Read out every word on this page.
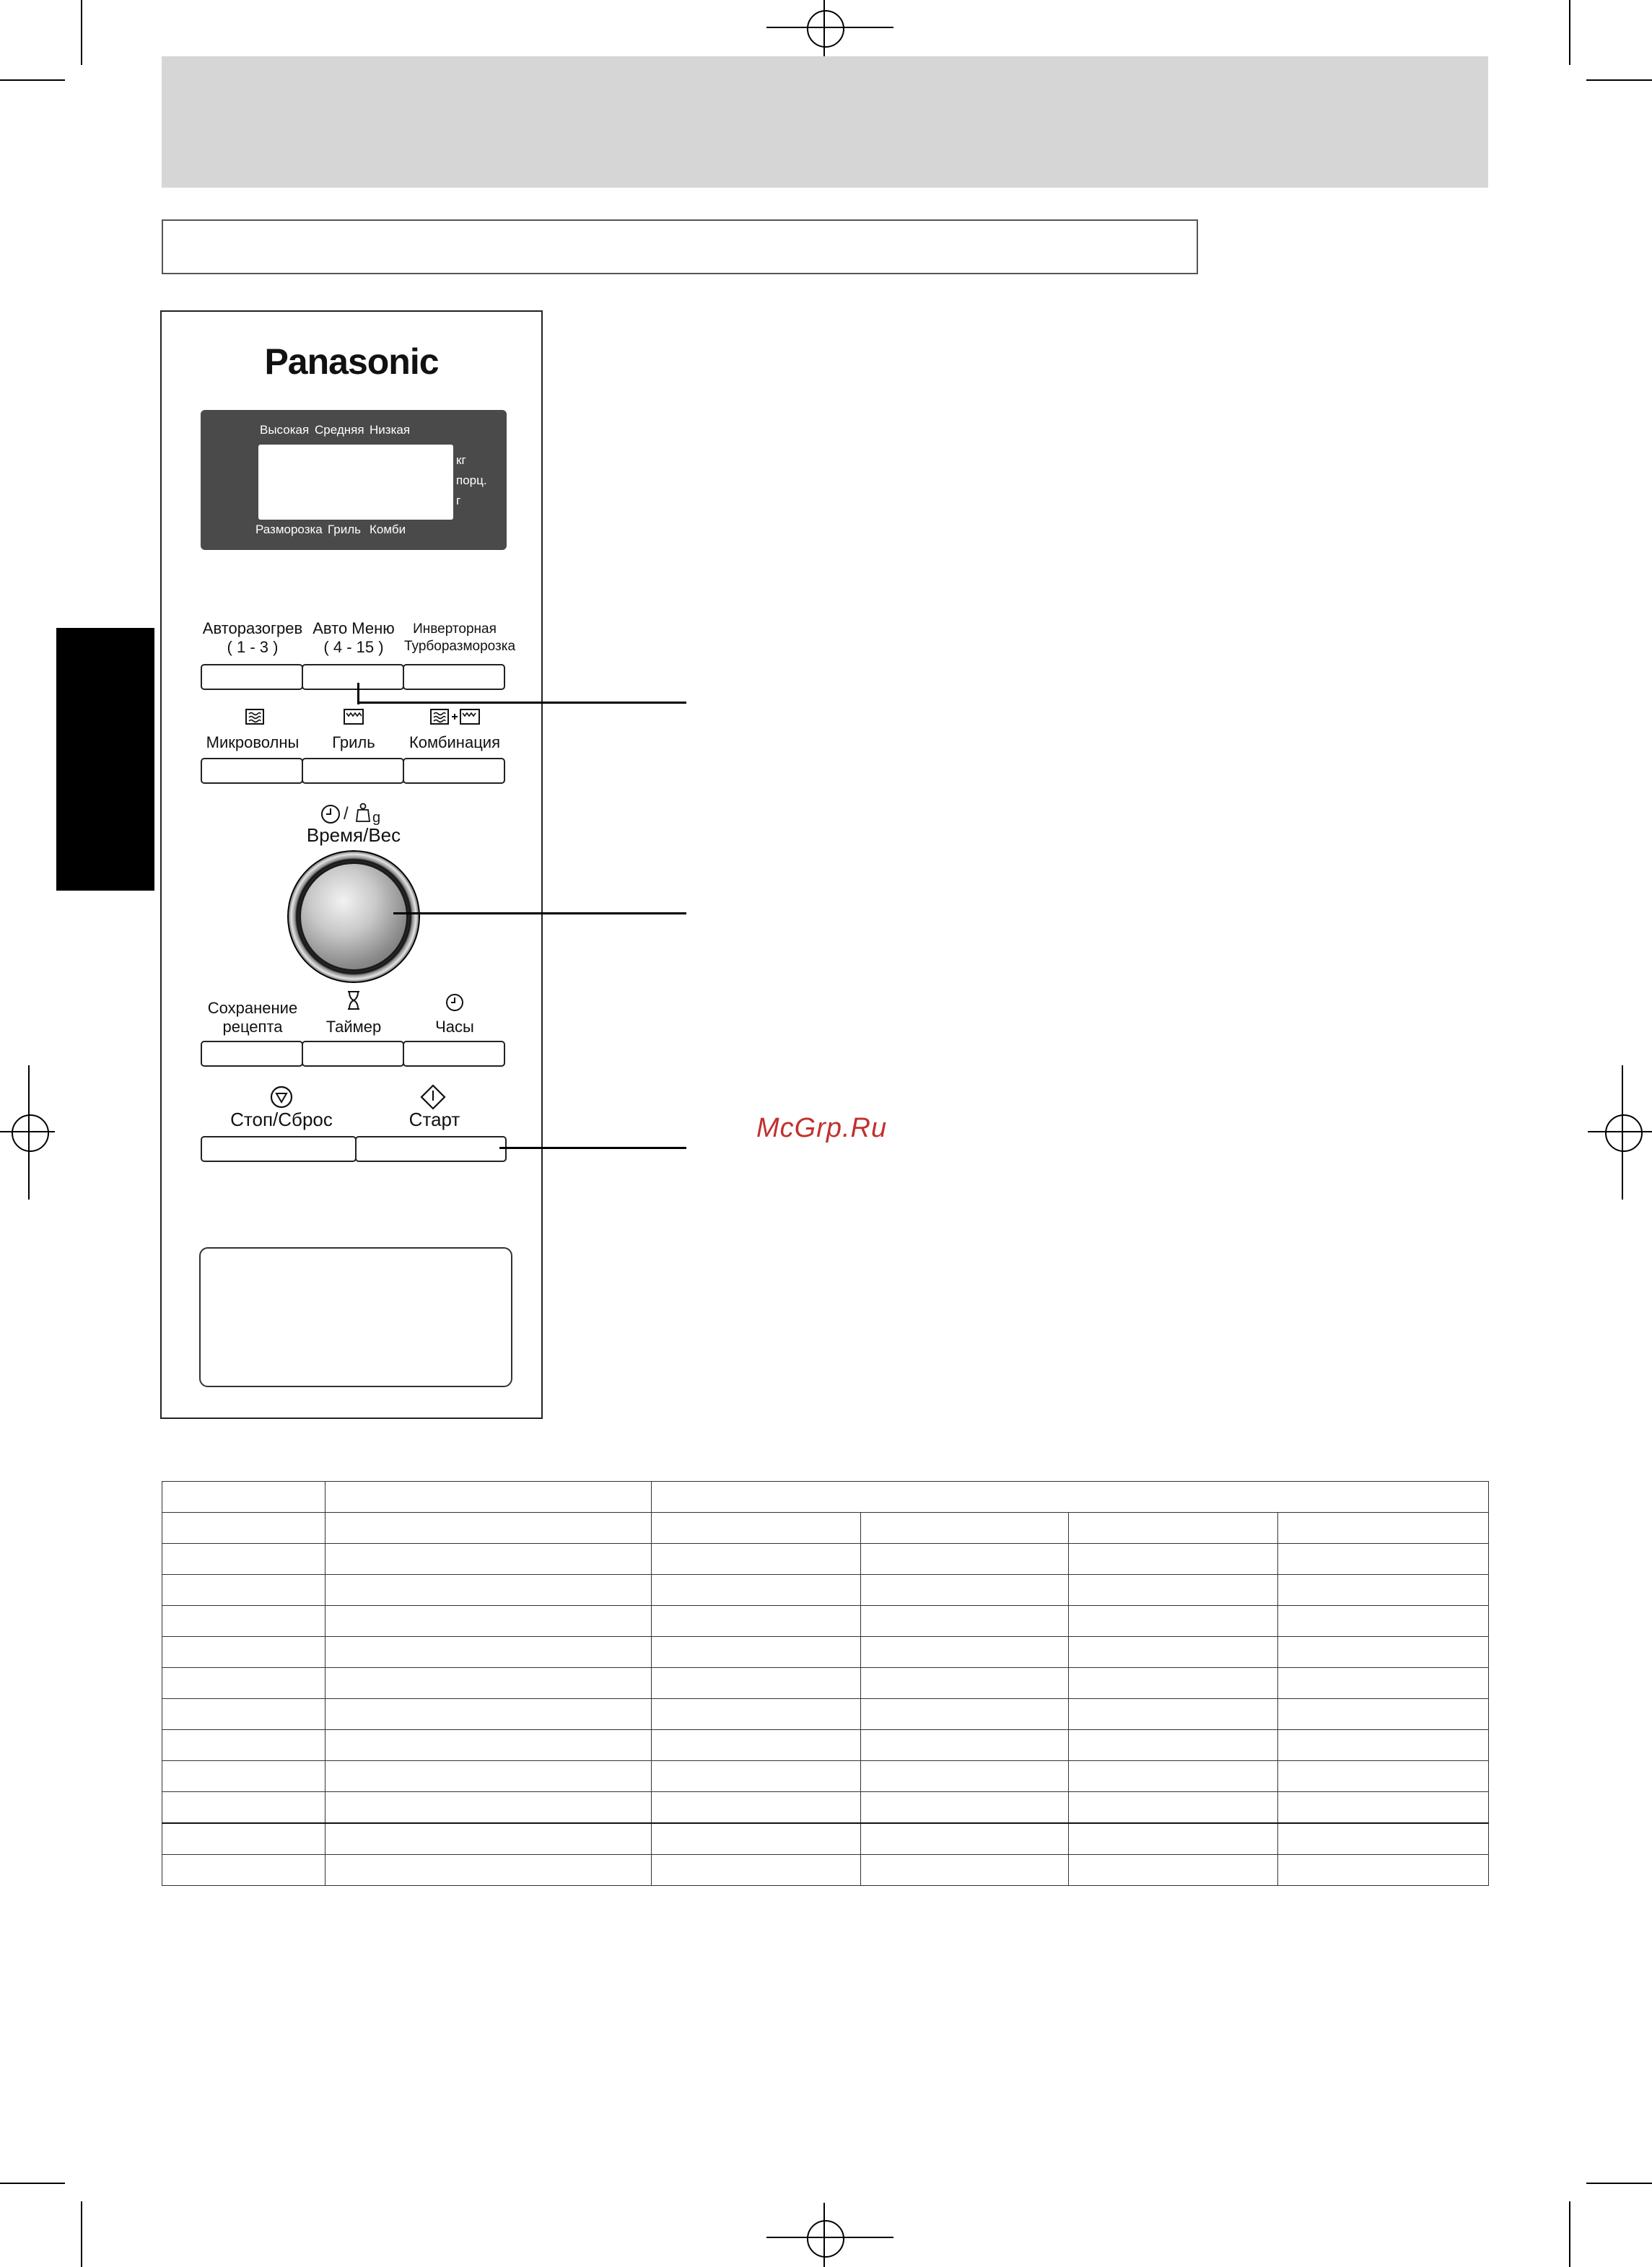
Panasonic
Высокая Средняя Низкая
кг
порц.
г
Разморозка Гриль Комби
Авторазогрев
( 1 - 3 )
Авто Меню
( 4 - 15 )
Инверторная
Турборазморозка
Микроволны	Гриль	Комбинация
/ g
Время/Вес
Сохранение
рецепта	Таймер	Часы
Стоп/Сброс	Старт	McGrp.Ru
